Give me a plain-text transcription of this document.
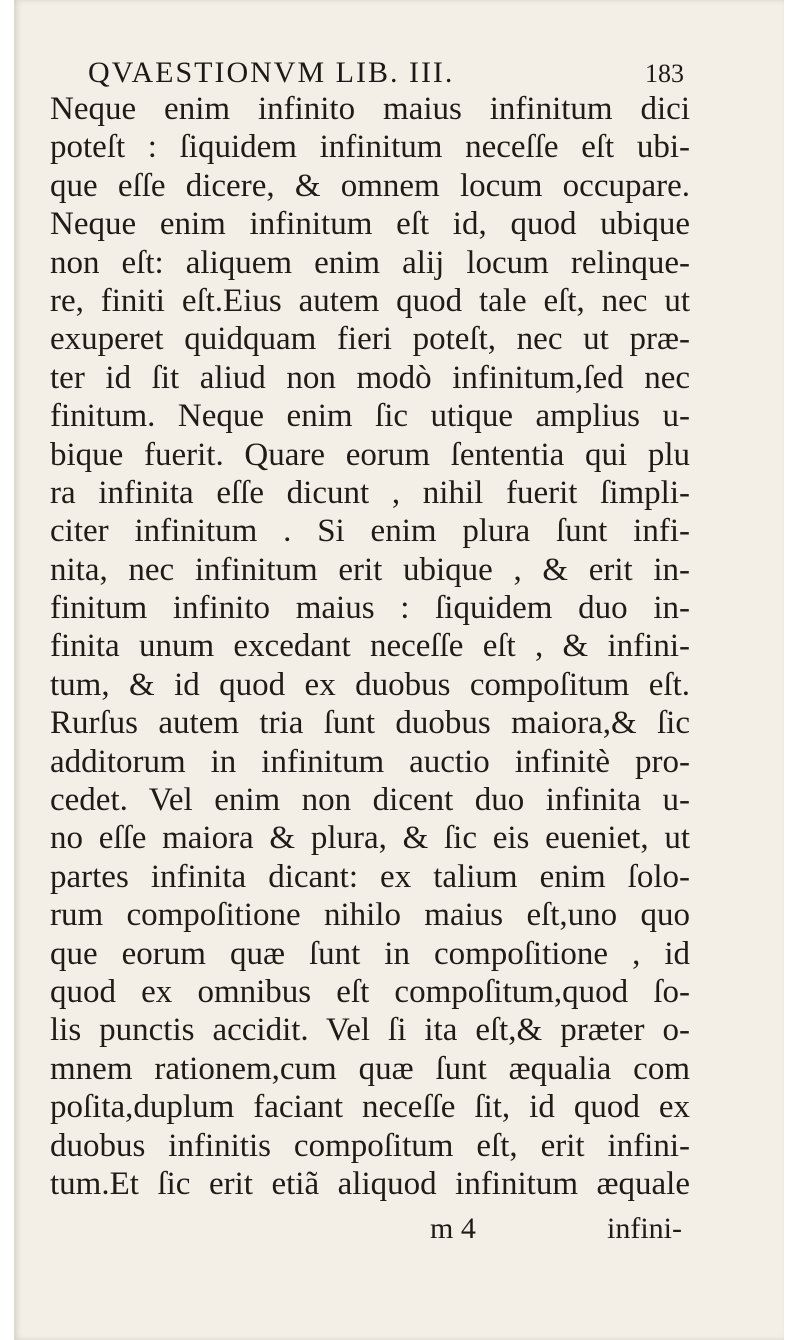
QVAESTIONVM LIB. III.	183
Neque enim infinito maius infinitum dici
poteſt : ſiquidem infinitum neceſſe eſt ubi-
que eſſe dicere, & omnem locum occupare.
Neque enim infinitum eſt id, quod ubique
non eſt: aliquem enim alij locum relinque-
re, finiti eſt.Eius autem quod tale eſt, nec ut
exuperet quidquam fieri poteſt, nec ut præ-
ter id ſit aliud non modò infinitum,ſed nec
finitum. Neque enim ſic utique amplius u-
bique fuerit. Quare eorum ſententia qui plu
ra infinita eſſe dicunt , nihil fuerit ſimpli-
citer infinitum . Si enim plura ſunt infi-
nita, nec infinitum erit ubique , & erit in-
finitum infinito maius : ſiquidem duo in-
finita unum excedant neceſſe eſt , & infini-
tum, & id quod ex duobus compoſitum eſt.
Rurſus autem tria ſunt duobus maiora,& ſic
additorum in infinitum auctio infinitè pro-
cedet. Vel enim non dicent duo infinita u-
no eſſe maiora & plura, & ſic eis eueniet, ut
partes infinita dicant: ex talium enim ſolo-
rum compoſitione nihilo maius eſt,uno quo
que eorum quæ ſunt in compoſitione , id
quod ex omnibus eſt compoſitum,quod ſo-
lis punctis accidit. Vel ſi ita eſt,& præter o-
mnem rationem,cum quæ ſunt æqualia com
poſita,duplum faciant neceſſe ſit, id quod ex
duobus infinitis compoſitum eſt, erit infini-
tum.Et ſic erit etiã aliquod infinitum æquale
m 4	infini-
